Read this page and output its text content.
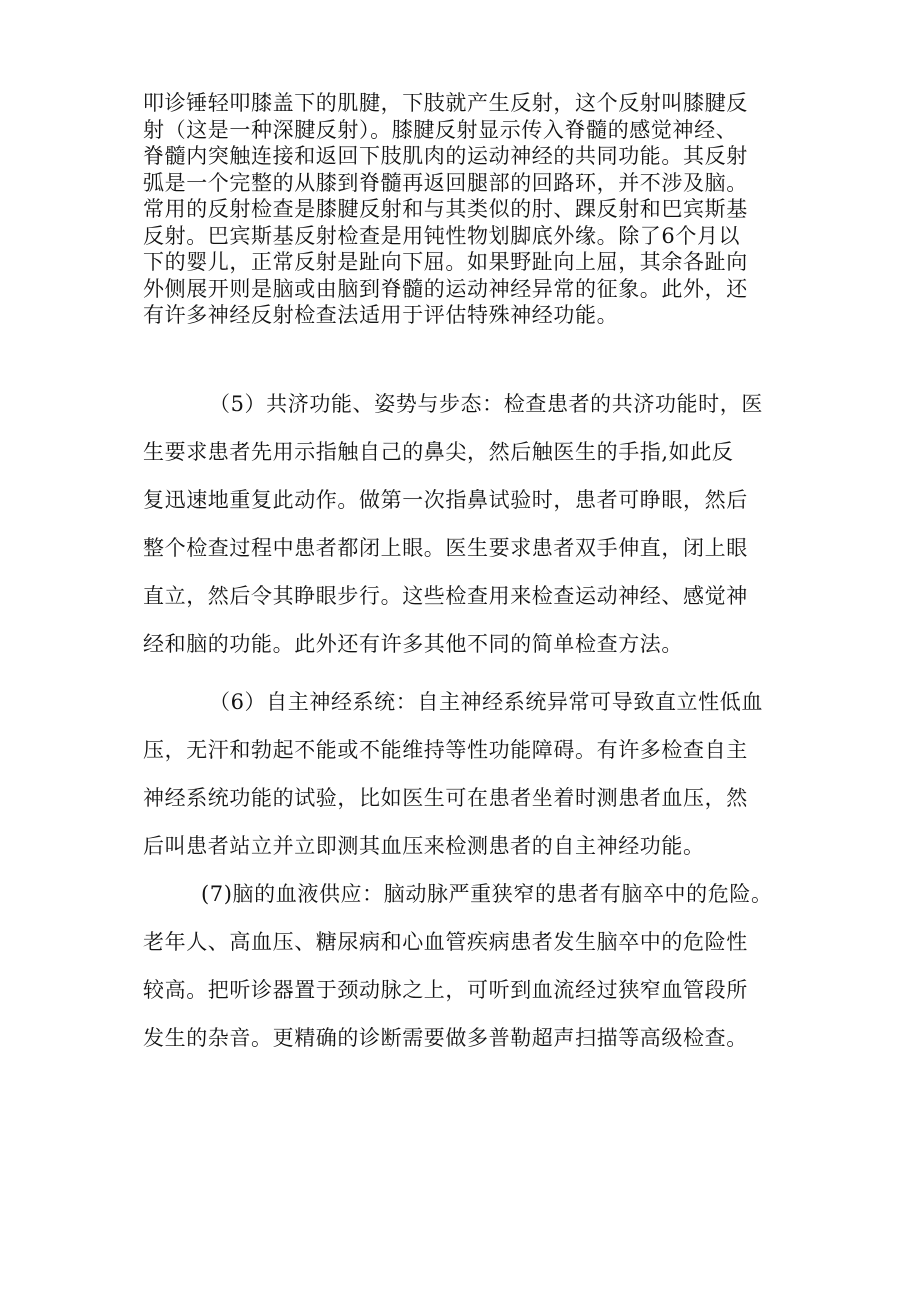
叩诊锤轻叩膝盖下的肌腱，下肢就产生反射，这个反射叫膝腱反
射（这是一种深腱反射）。膝腱反射显示传入脊髓的感觉神经、
脊髓内突触连接和返回下肢肌肉的运动神经的共同功能。其反射
弧是一个完整的从膝到脊髓再返回腿部的回路环，并不涉及脑。
常用的反射检查是膝腱反射和与其类似的肘、踝反射和巴宾斯基
反射。巴宾斯基反射检查是用钝性物划脚底外缘。除了6个月以
下的婴儿，正常反射是趾向下屈。如果野趾向上屈，其余各趾向
外侧展开则是脑或由脑到脊髓的运动神经异常的征象。此外，还
有许多神经反射检查法适用于评估特殊神经功能。
（5）共济功能、姿势与步态：检查患者的共济功能时，医
生要求患者先用示指触自己的鼻尖，然后触医生的手指,如此反
复迅速地重复此动作。做第一次指鼻试验时，患者可睁眼，然后
整个检查过程中患者都闭上眼。医生要求患者双手伸直，闭上眼
直立，然后令其睁眼步行。这些检查用来检查运动神经、感觉神
经和脑的功能。此外还有许多其他不同的简单检查方法。
（6）自主神经系统：自主神经系统异常可导致直立性低血
压，无汗和勃起不能或不能维持等性功能障碍。有许多检查自主
神经系统功能的试验，比如医生可在患者坐着时测患者血压，然
后叫患者站立并立即测其血压来检测患者的自主神经功能。
(7)脑的血液供应：脑动脉严重狭窄的患者有脑卒中的危险。
老年人、高血压、糖尿病和心血管疾病患者发生脑卒中的危险性
较高。把听诊器置于颈动脉之上，可听到血流经过狭窄血管段所
发生的杂音。更精确的诊断需要做多普勒超声扫描等高级检查。
